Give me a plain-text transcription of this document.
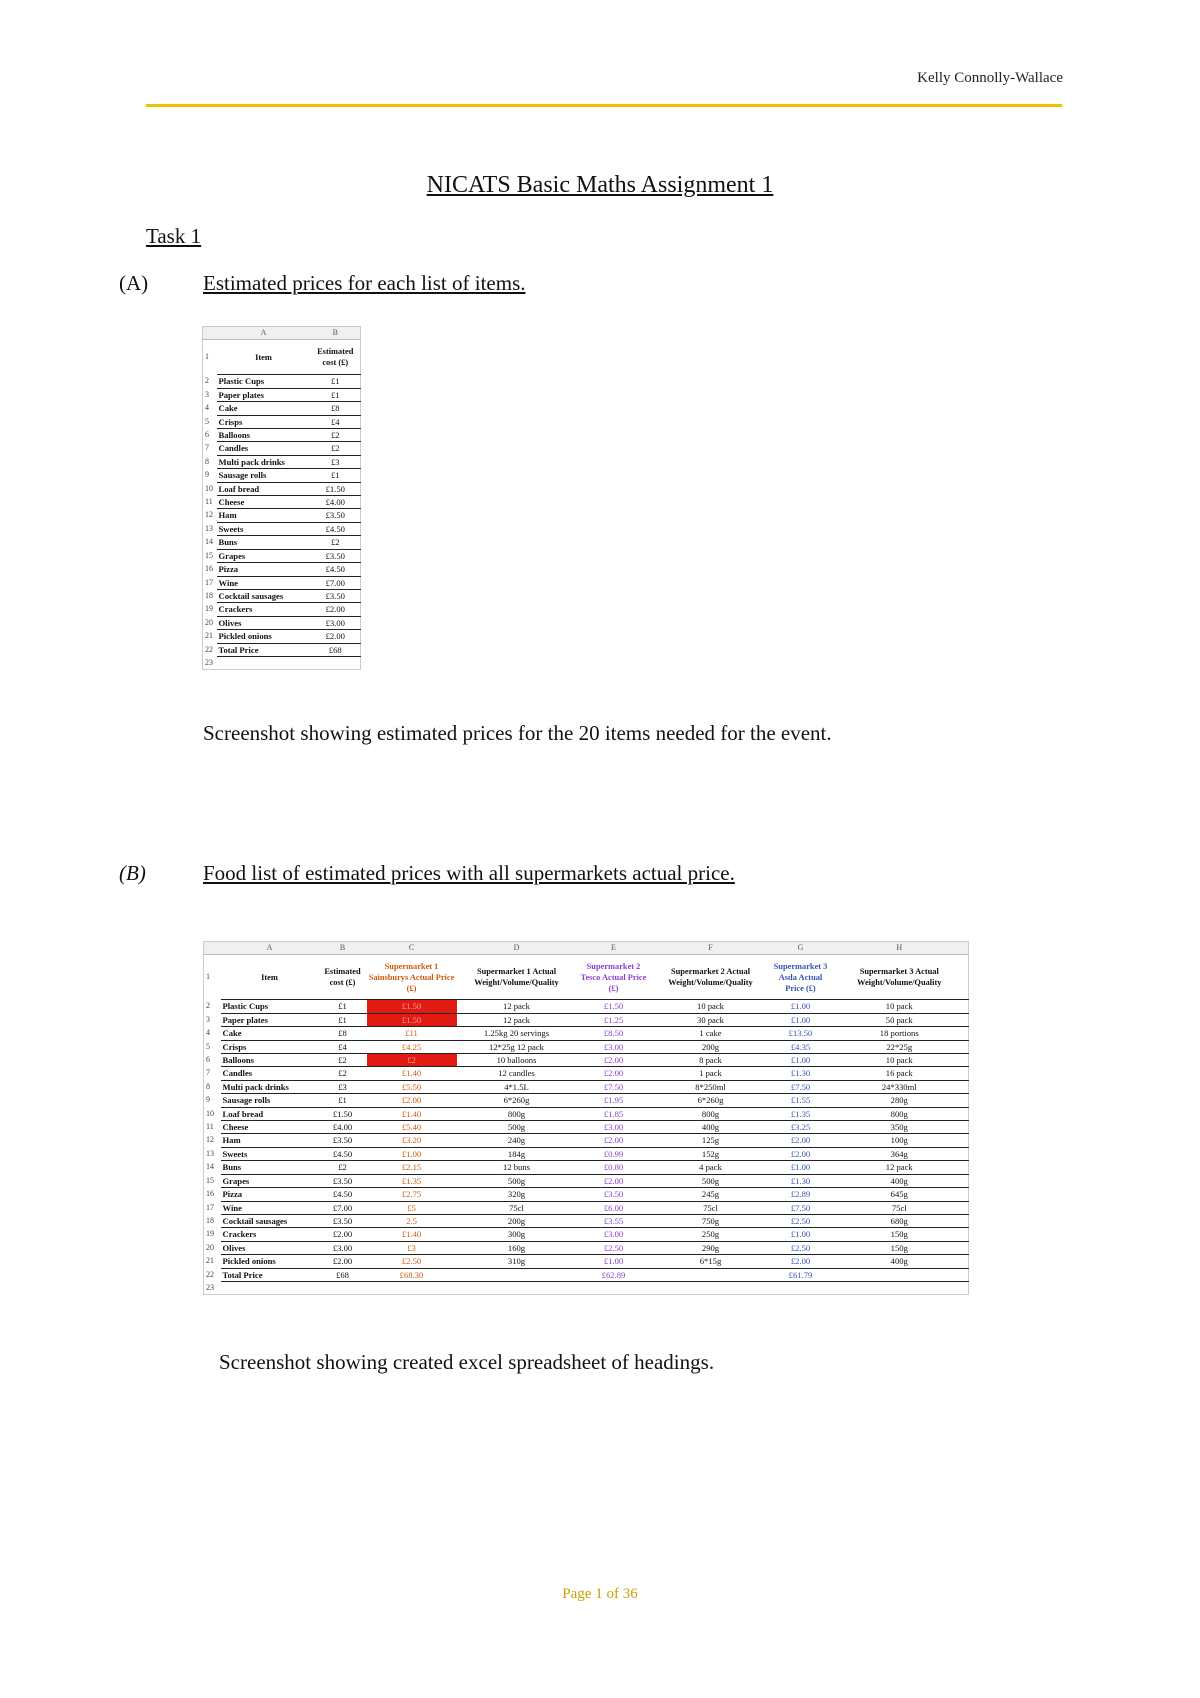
Kelly Connolly-Wallace
NICATS Basic Maths Assignment 1
Task 1
(A)	Estimated prices for each list of items.
	A	B
1	Item	Estimated cost (£)
2	Plastic Cups	£1
3	Paper plates	£1
4	Cake	£8
5	Crisps	£4
6	Balloons	£2
7	Candles	£2
8	Multi pack drinks	£3
9	Sausage rolls	£1
10	Loaf bread	£1.50
11	Cheese	£4.00
12	Ham	£3.50
13	Sweets	£4.50
14	Buns	£2
15	Grapes	£3.50
16	Pizza	£4.50
17	Wine	£7.00
18	Cocktail sausages	£3.50
19	Crackers	£2.00
20	Olives	£3.00
21	Pickled onions	£2.00
22	Total Price	£68
23		
Screenshot showing estimated prices for the 20 items needed for the event.
(B)	Food list of estimated prices with all supermarkets actual price.
	A	B	C	D	E	F	G	H
1	Item	Estimated cost (£)	Supermarket 1 Sainsburys Actual Price (£)	Supermarket 1 Actual Weight/Volume/Quality	Supermarket 2 Tesco Actual Price (£)	Supermarket 2 Actual Weight/Volume/Quality	Supermarket 3 Asda Actual Price (£)	Supermarket 3 Actual Weight/Volume/Quality
2	Plastic Cups	£1	£1.50	12 pack	£1.50	10 pack	£1.00	10 pack
3	Paper plates	£1	£1.50	12 pack	£1.25	30 pack	£1.00	50 pack
4	Cake	£8	£11	1.25kg 20 servings	£8.50	1 cake	£13.50	18 portions
5	Crisps	£4	£4.25	12*25g 12 pack	£3.00	200g	£4.35	22*25g
6	Balloons	£2	£2	10 balloons	£2.00	8 pack	£1.00	10 pack
7	Candles	£2	£1.40	12 candles	£2.00	1 pack	£1.30	16 pack
8	Multi pack drinks	£3	£5.50	4*1.5L	£7.50	8*250ml	£7.50	24*330ml
9	Sausage rolls	£1	£2.00	6*260g	£1.95	6*260g	£1.55	280g
10	Loaf bread	£1.50	£1.40	800g	£1.85	800g	£1.35	800g
11	Cheese	£4.00	£5.40	500g	£3.00	400g	£3.25	350g
12	Ham	£3.50	£3.20	240g	£2.00	125g	£2.00	100g
13	Sweets	£4.50	£1.00	184g	£0.99	152g	£2.00	364g
14	Buns	£2	£2.15	12 buns	£0.80	4 pack	£1.00	12 pack
15	Grapes	£3.50	£1.35	500g	£2.00	500g	£1.30	400g
16	Pizza	£4.50	£2.75	320g	£3.50	245g	£2.89	645g
17	Wine	£7.00	£5	75cl	£6.00	75cl	£7.50	75cl
18	Cocktail sausages	£3.50	2.5	200g	£3.55	750g	£2.50	680g
19	Crackers	£2.00	£1.40	300g	£3.00	250g	£1.00	150g
20	Olives	£3.00	£3	160g	£2.50	290g	£2.50	150g
21	Pickled onions	£2.00	£2.50	310g	£1.00	6*15g	£2.00	400g
22	Total Price	£68	£68.30		£62.89		£61.79	
23								
Screenshot showing created excel spreadsheet of headings.
Page 1 of 36
